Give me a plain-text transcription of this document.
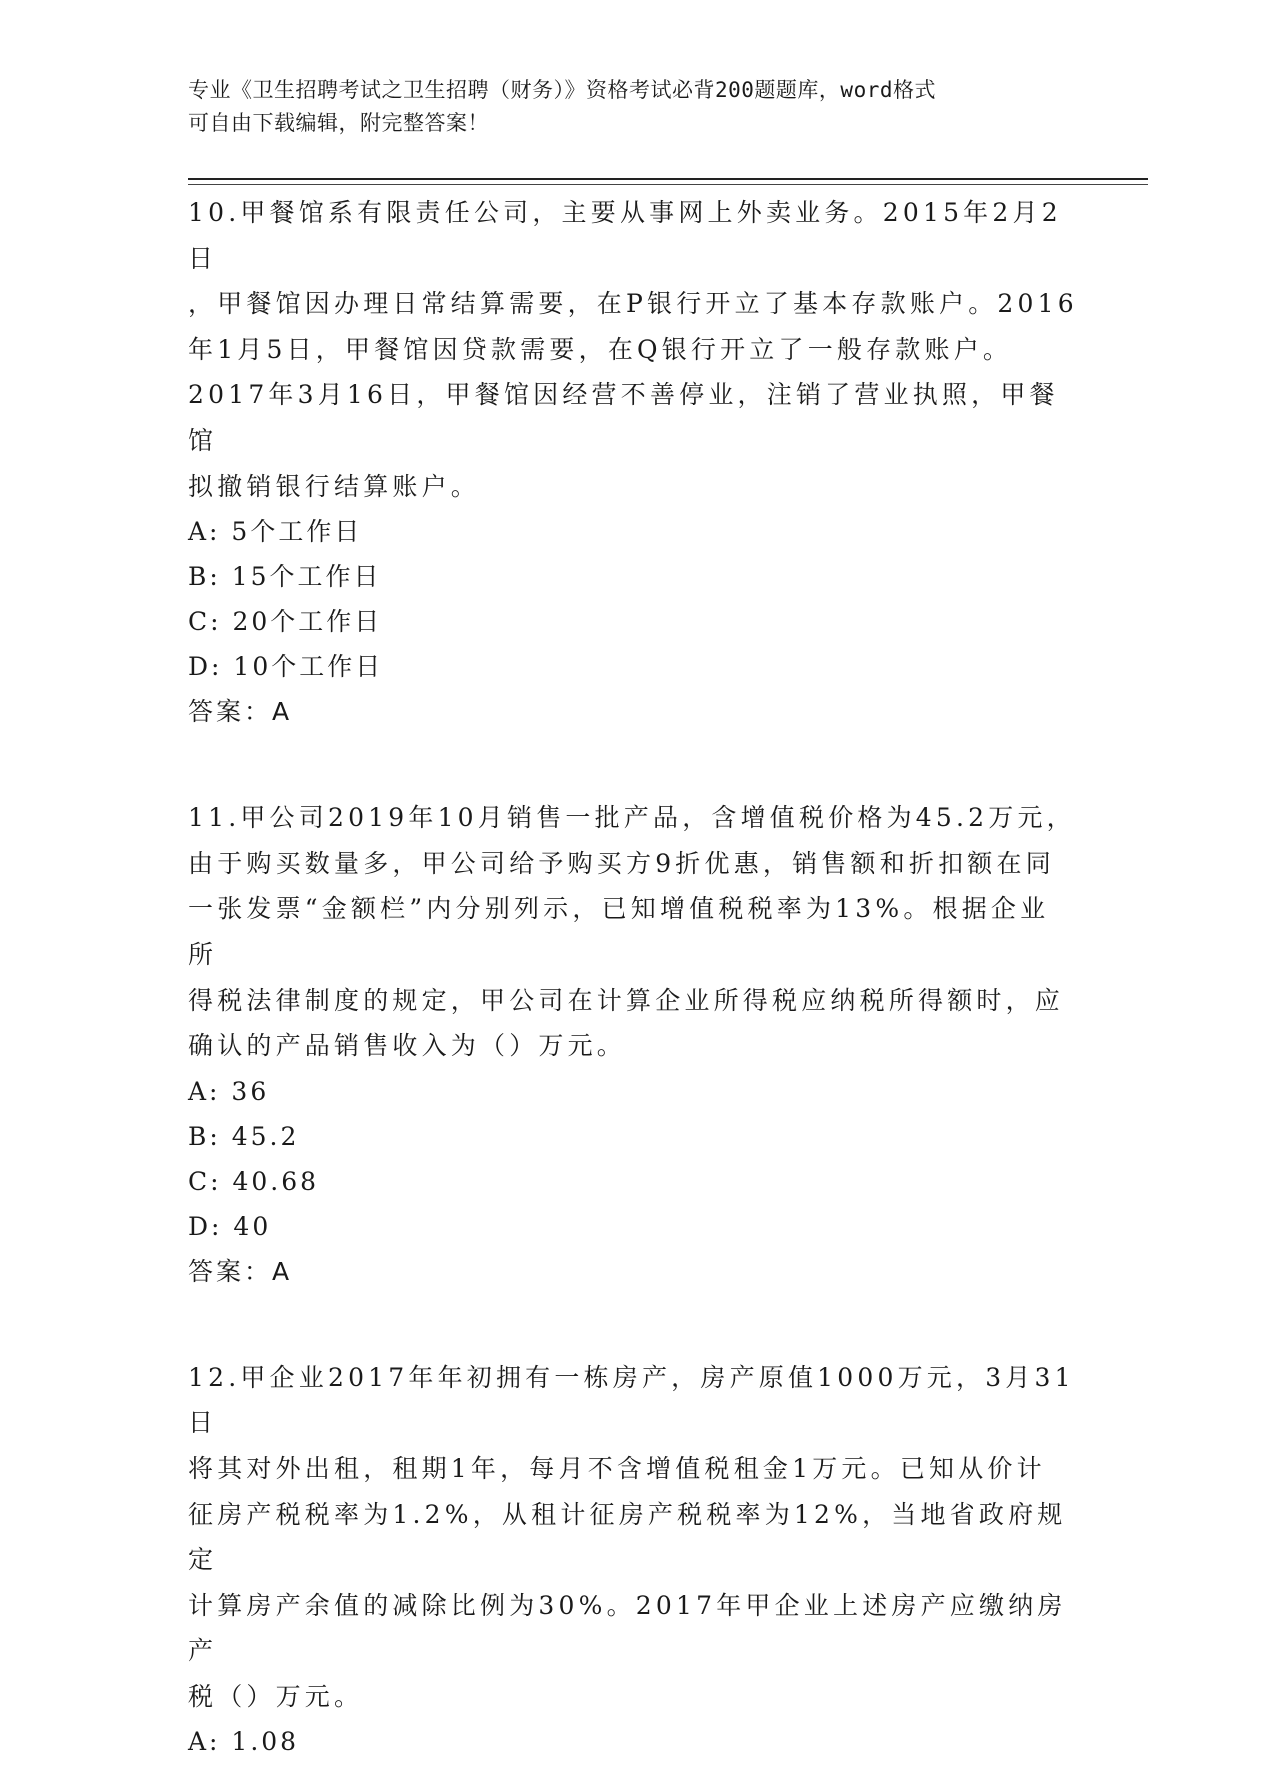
专业《卫生招聘考试之卫生招聘（财务）》资格考试必背200题题库，word格式
可自由下载编辑，附完整答案！

10.甲餐馆系有限责任公司，主要从事网上外卖业务。2015年2月2日

，甲餐馆因办理日常结算需要，在P银行开立了基本存款账户。2016

年1月5日，甲餐馆因贷款需要，在Q银行开立了一般存款账户。

2017年3月16日，甲餐馆因经营不善停业，注销了营业执照，甲餐馆

拟撤销银行结算账户。

A: 5个工作日

B: 15个工作日

C: 20个工作日

D: 10个工作日

答案：A

11.甲公司2019年10月销售一批产品，含增值税价格为45.2万元，

由于购买数量多，甲公司给予购买方9折优惠，销售额和折扣额在同

一张发票“金额栏”内分别列示，已知增值税税率为13%。根据企业所

得税法律制度的规定，甲公司在计算企业所得税应纳税所得额时，应

确认的产品销售收入为（）万元。

A: 36

B: 45.2

C: 40.68

D: 40

答案：A

12.甲企业2017年年初拥有一栋房产，房产原值1000万元，3月31日

将其对外出租，租期1年，每月不含增值税租金1万元。已知从价计

征房产税税率为1.2%，从租计征房产税税率为12%，当地省政府规定

计算房产余值的减除比例为30%。2017年甲企业上述房产应缴纳房产

税（）万元。

A: 1.08
